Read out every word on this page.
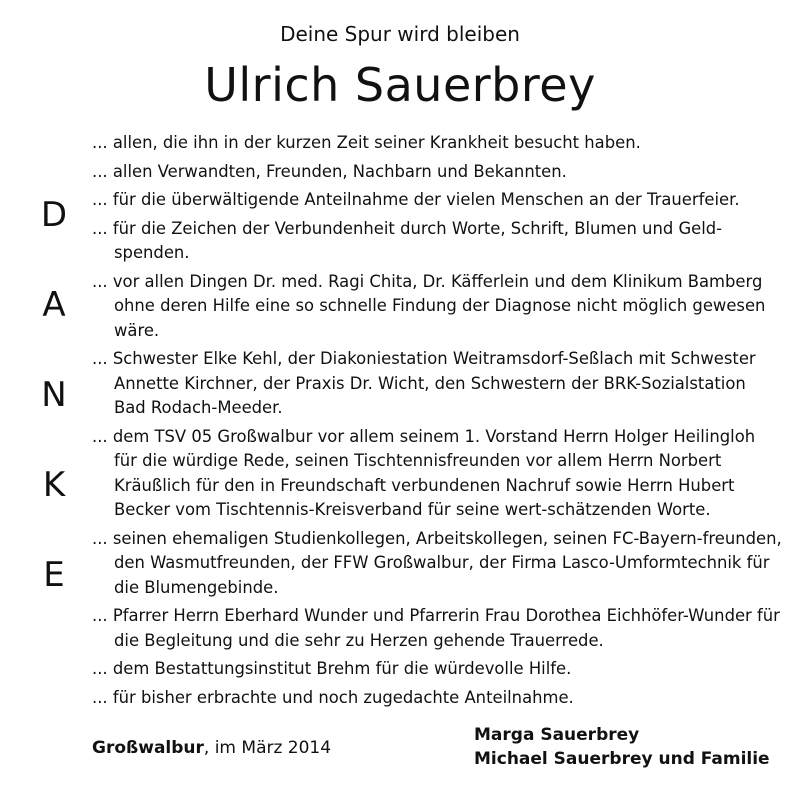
Deine Spur wird bleiben
Ulrich Sauerbrey
D
A
N
K
E

... allen, die ihn in der kurzen Zeit seiner Krankheit besucht haben.

... allen Verwandten, Freunden, Nachbarn und Bekannten.

... für die überwältigende Anteilnahme der vielen Menschen an der Trauerfeier.

... für die Zeichen der Verbundenheit durch Worte, Schrift, Blumen und Geld-spenden.

... vor allen Dingen Dr. med. Ragi Chita, Dr. Käfferlein und dem Klinikum Bamberg ohne deren Hilfe eine so schnelle Findung der Diagnose nicht möglich gewesen wäre.

... Schwester Elke Kehl, der Diakoniestation Weitramsdorf-Seßlach mit Schwester Annette Kirchner, der Praxis Dr. Wicht, den Schwestern der BRK-Sozialstation Bad Rodach-Meeder.

... dem TSV 05 Großwalbur vor allem seinem 1. Vorstand Herrn Holger Heilingloh für die würdige Rede, seinen Tischtennisfreunden vor allem Herrn Norbert Kräußlich für den in Freundschaft verbundenen Nachruf sowie Herrn Hubert Becker vom Tischtennis-Kreisverband für seine wert-schätzenden Worte.

... seinen ehemaligen Studienkollegen, Arbeitskollegen, seinen FC-Bayern-freunden, den Wasmutfreunden, der FFW Großwalbur, der Firma Lasco-Umformtechnik für die Blumengebinde.

... Pfarrer Herrn Eberhard Wunder und Pfarrerin Frau Dorothea Eichhöfer-Wunder für die Begleitung und die sehr zu Herzen gehende Trauerrede.

... dem Bestattungsinstitut Brehm für die würdevolle Hilfe.

... für bisher erbrachte und noch zugedachte Anteilnahme.

Großwalbur, im März 2014
Marga Sauerbrey
Michael Sauerbrey und Familie
